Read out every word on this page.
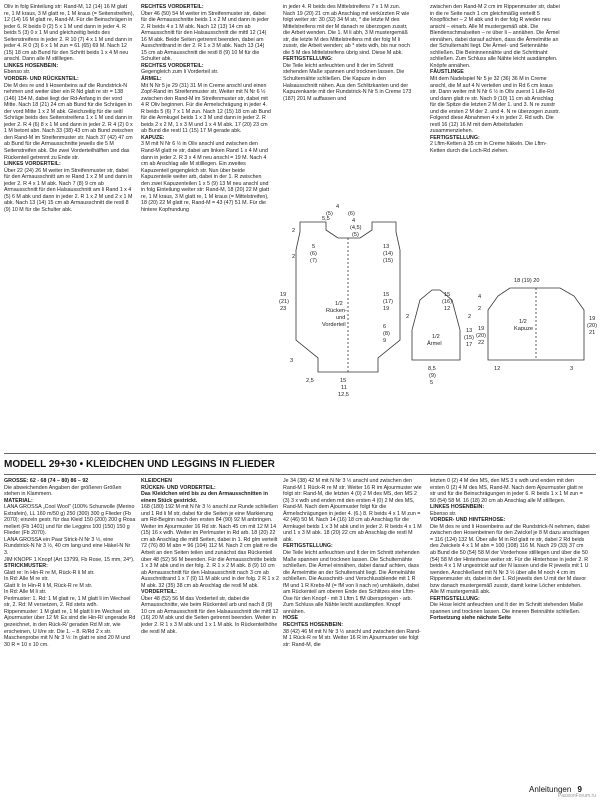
Oliv in folg Einteilung str: Rand-M, 12 (14) 16 M glatt re, 1 M kraus, 3 M glatt re, 1 M kraus (= Seitenstreifen), 12 (14) 16 M glatt re, Rand-M. Für die Beinschrägen in jeder 6. R beids 0 (2) 5 x 1 M und dann in jeder 4. R beids 5 (3) 0 x 1 M und gleichzeitig beids des Seitenstreifens in jeder 2. R 10 (7) 4 x 1 M und dann in jeder 4. R 0 (3) 6 x 1 M zun = 61 (65) 69 M. Nach 12 (15) 18 cm ab Bund für den Schritt beids 1 x 4 M neu anschl. Dann alle M stilllegen.

LINKES HOSENBEIN:

Ebenso str.

VORDER- UND RÜCKENTEIL:

Die M des re und li Hosenbeins auf die Rundstrick-N nehmen und weiter über ein R Nd glatt re str = 138 (146) 154 M, dabei liegt der Rd-Anfang in der vord Mitte. Nach 18 (21) 24 cm ab Bund für die Schrägen in der vord Mitte 1 x 2 M abk. Gleichzeitig für die seitl Schräge beids des Seitenstreifens 1 x 1 M und dann in jeder 2. R 4 (6) 8 x 1 M und dann in jeder 2. R 4 (2) 0 x 1 M betont abn. Nach 33 (38) 43 cm ab Bund zwischen den Rand-M im Streifenmuster str. Nach 37 (42) 47 cm ab Bund für die Armausschnitte jeweils die 5 M Seitenstreifen abk. Die zwei Vorderteilhälften und das Rückenteil getrennt zu Ende str.

LINKES VORDERTEIL:

Über 22 (24) 26 M weiter im Streifenmuster str, dabei für den Armausschnitt am re Rand 1 x 2 M und dann in jeder 2. R 4 x 1 M abk. Nach 7 (8) 9 cm ab Armausschnitt für den Halsausschnitt am li Rand 1 x 4 (5) 6 M abk und dann in jeder 2. R 1 x 2 M und 2 x 1 M abk. Nach 13 (14) 15 cm ab Armausschnitt die restl 8 (9) 10 M für die Schulter abk.

RECHTES VORDERTEIL:

Über 46 (50) 54 M weiter im Streifenmuster str, dabei für die Armausschnitte beids 1 x 2 M und dann in jeder 2. R beids 4 x 1 M abk. Nach 12 (13) 14 cm ab Armausschnitt für den Halsausschnitt die mittl 12 (14) 16 M abk. Beide Seiten getrennt beenden, dabei am Ausschnittrand in der 2. R 1 x 3 M abk. Nach 13 (14) 15 cm ab Armausschnitt die restl 8 (9) 10 M für die Schulter abk.

RECHTES VORDERTEIL:

Gegengleich zum li Vorderteil str.

ÄRMEL:

Mit N Nr 5 je 29 (31) 31 M in Creme anschl und einen Zopf-Rand im Streifenmuster str. Weiter mit N Nr 6 ½ zwischen den Rand-M im Streifenmuster str, dabei mit 4 R Oliv beginnen. Für die Armelschrägung in jeder 4. R beids 5 (6) 7 x 1 M zun. Nach 12 (15) 18 cm ab Bund für die Armkugel beids 1 x 3 M und dann in jeder 2. R beids 2 x 2 M, 1 x 3 M und 1 x 4 M abk. 17 (20) 23 cm ab Bund die restl 11 (15) 17 M gerade abk.

KAPUZE:

3 M mit N Nr 6 ½ in Oliv anschl und zwischen den Rand-M glatt re str, dabei am linken Rand 1 x 4 M und dann in jeder 2. R 3 x 4 M neu anschl = 19 M. Nach 4 cm ab Anschlag alle M stilllegen. Ein zweites Kapuzenteil gegengleich str. Nun über beide Kapuzenteile weiter arb, dabei in der 1. R zwischen den zwei Kapuzenteilen 1 x 5 (9) 13 M neu anschl und in folg Einteilung weiter str: Rand-M, 18 (20) 22 M glatt re, 1 M kraus, 3 M glatt re, 1 M kraus (= Mittelstreifen), 18 (20) 22 M glatt re, Rand-M = 43 (47) 51 M. Für die hintere Kopfrundung

in jeder 4. R beids des Mittelstreifens 7 x 1 M zun. Nach 19 (20) 21 cm ab Anschlag mit verkürzten R wie folgt weiter str: 30 (32) 34 M str, * die letzte M des Mittelstreifens mit der M danach re überzogen zusstr, die Arbeit wenden. Die 1. M li abh, 3 M mustergemäß str, die letzte M des Mittelstreifens mit der folg M li zusstr, die Arbeit wenden; ab * stets wdh, bis nur noch die 5 M des Mittelstreifens übrig sind. Diese M abk.

FERTIGSTELLUNG:

Die Teile leicht anfeuchten und It der im Schnitt stehenden Maße spannen und trocknen lassen. Die Schulternähte schließen. Die Kapuze in den Halsausschnitt nähen. Aus den Schlitzkanten und der Kapuzenkante mit der Rundstrick-N Nr 5 in Creme 173 (187) 201 M auffassen und

zwischen den Rand-M 2 cm im Rippenmuster str, dabei in die re Seite nach 1 cm gleichmäßig verteilt 5 Knopflöcher – 2 M abk und in der folg R wieder neu anschl – einarb. Alle M mustergemäß abk. Die Blendenschmalseiten – re über li – annähen. Die Ärmel einnähen, dabei darauf achten, dass die Ärmelmitte an der Schulternaht liegt. Die Ärmel- und Seitennähte schließen. Die Beininnennähte und die Schrittnaht schließen. Zum Schluss alle Nähte leicht ausdämpfen. Knöpfe annähen.

FÄUSTLINGE

Mit dem Nadelspiel Nr 5 je 32 (36) 36 M in Creme anschl, die M auf 4 N verteilen und in Rd 6 cm kraus str. Dann weiter mit N Nr 6 ½ in Oliv zuerst 1 Lille-Rd und dann glatt re str. Nach 9 (10) 11 cm ab Anschlag für die Spitze die letzten 2 M der 1. und 3. N re zusstr und die ersten 2 M der 2. und 4. N re überzogen zusstr. Folgend diese Abnahmen 4 x in jeder 2. Rd wdh. Die restl 16 (12) 16 M mit dem Arbeitsfaden zusammenziehen.

FERTIGSTELLUNG:

2 Lftm-Ketten à 35 cm in Creme häkeln. Die Lftm-Ketten durch die Loch-Rd ziehen.

1/2
Rücken-
und
Vorderteil
1/2
Ärmel
1/2
Kapuze
5,5
2
2
5
(6)
(7)
4
(4,5)
(5)
13
(14)
(15)
4
(5)	(6)
19
(21)
23
15
(17)
19
6
(8)
9
3
2,5	15
11
12,5
2	2
13
(15)
17
8,5
(9)
5
15
(16)
12
18 (19) 20
19
(20)
21
4
19
(20)
22
2
12	3
MODELL 29+30 • KLEIDCHEN UND LEGGINS IN FLIEDER

GRÖSSE: 62 - 68 (74 – 80) 86 – 92

Die abweichenden Angaben der größeren Größen stehen in Klammern.

MATERIAL:

LANA GROSSA „Cool Wool" (100% Schurwolle (Merino Extrafein), LL 160 m/50 g) 250 (300) 300 g Flieder (Fb 2070); einzeln gestr. für das Kleid 150 (200) 200 g Rosa meliert (Fb 1401) und für die Leggins 100 (150) 150 g Flieder (Fb 2070).

LANA GROSSA ein Paar Strick-N Nr 3 ½, eine Rundstrick-N Nr 3 ½, 40 cm lang und eine Häkel-N Nr 3.

JIM KNOPF 1 Knopf (Art 13799, Fb Rose, 15 mm, 24°).

STRICKMUSTER:

Glatt re: In Hin-R re M, Rück-R li M str.

In Rd: Alle M re str.

Glatt li: In Hin-R li M, Rück-R re M str.

In Rd: Alle M li str.

Perlmuster: 1. Rd: 1 M glatt re, 1 M glatt li im Wechsel str, 2. Rd: M versetzen, 2. Rd stets wdh.

Rippenmuster: 1 M glatt re, 1 M glatt li im Wechsel str.

Ajourmuster über 12 M: Es sind die Hin-R/ ungerade Rd gezeichnet, in den Rück-R/ geraden Rd M str, wie erscheinen, U li/re str. Die 1. – 8. R/Rd 2 x str.

Maschenprobe mit N Nr 3 ½: In glatt re sind 20 M und 30 R = 10 x 10 cm.

KLEIDCHEN

RÜCKEN- UND VORDERTEIL:

Das Kleidchen wird bis zu den Armausschnitten in einem Stück gestrickt.

168 (180) 192 M mit N Nr 3 ½ anschl zur Runde schließen und 1 Rd li M str, dabei für die Seiten je eine Markierung am Rd-Beginn nach den ersten 84 (90) 92 M anbringen. Weiter im Ajourmuster 16 Rd str. Nach 45 cm mit 12 M 14 (15) 16 x wdh. Weiter im Perlmuster in Rd arb. 18 (20) 22 cm ab Anschlag die mittl Seiten, dabei in 1. Rd glm verteilt 72 (76) 80 M abn = 96 (104) 112 M. Nach 2 cm glatt re die Arbeit an den Seiten teilen und zunächst das Rückenteil über 48 (52) 56 M beenden. Für die Armausschnitte beids 1 x 3 M abk und in der folg. 2. R 1 x 2 M abk. 8 (9) 10 cm ab Armausschnitt für den Halsausschnitt nach 3 cm ab Ausschnittrand 1 x 7 (9) 11 M abk und in der folg. 2 R 1 x 2 M abk. 32 (35) 38 cm ab Anschlag die restl M abk.

VORDERTEIL:

Über 48 (52) 56 M das Vorderteil str, dabei die Armausschnitte, wie beim Rückenteil arb und nach 8 (9) 10 cm ab Armausschnitt für den Halsausschnitt die mittl 12 (16) 20 M abk und die Seiten getrennt beenden. Weiter in jeder 2. R 1 x 3 M abk und 1 x 1 M abk. In Rückenteilhöhe die restl M abk.

Je 34 (38) 42 M mit N Nr 3 ½ anschl und zwischen den Rand-M 1 Rück-R re M str. Weiter 16 R im Ajourmuster wie folgt str: Rand-M, die letzten 4 (0) 2 M des MS, den MS 2 (3) 3 x wdh und enden mit den ersten 4 (0) 2 M des MS, Rand-M. Nach dem Ajourmuster folgt für die Ärmelschrägungen in jeder 4. (6.) 8. R beids 4 x 1 M zun = 42 (46) 50 M. Nach 14 (16) 18 cm ab Anschlag für die Armkugel beids 1 x 3 M abk und in jeder 2. R beids 4 x 1 M und 1 x 3 M abk. 18 (20) 22 cm ab Anschlag die restl M abk.

FERTIGSTELLUNG:

Die Teile leicht anfeuchten und It der im Schnitt stehenden Maße spannen und trocknen lassen. Die Schulternähte schließen. Die Ärmel einnähen, dabei darauf achten, dass die Ärmelmitte an der Schulternaht liegt. Die Ärmelnähte schließen. Die Ausschnitt- und Verschlussblende mit 1 R fM und 1 R Krebs-M (= fM von li nach re) umhäkeln, dabei am Rückenteil am oberen Ende des Schlitzes eine Lftm-Öse für den Knopf - mit 3 Lftm 1 fM überspringen - arb. Zum Schluss alle Nähte leicht ausdämpfen. Knopf annähen.

HOSE

RECHTES HOSENBEIN:

38 (42) 46 M mit N Nr 3 ½ anschl und zwischen den Rand-M 1 Rück-R re M str. Weiter 16 R im Ajourmuster wie folgt str: Rand-M, die

letzten 0 (2) 4 M des MS, den MS 3 x wdh und enden mit den ersten 0 (2) 4 M des MS, Rand-M. Nach dem Ajourmuster glatt re str und für die Beinschrägungen in jeder 6. R beids 1 x 1 M zun = 50 (54) 58 M. 16 (18) 20 cm ab Anschlag alle M stilllegen.

LINKES HOSENBEIN:

Ebenso str.

VORDER- UND HINTERHOSE:

Die M des re und li Hosenbeins auf die Rundstrick-N nehmen, dabei zwischen den Hosenbeinen für den Zwickel je 8 M dazu anschlagen = 116 (124) 132 M. Über alle M in Rd glatt re str, dabei 2 Rd beids des Zwickels 4 x 1 M abn = 100 (108) 116 M. Nach 29 (33) 37 cm ab Bund die 50 (54) 58 M der Vorderhose stilllegen und über die 50 (54) 58 M der Hinterhose weiter str. Für die Hinterhose in jeder 2. R beids 4 x 1 M ungestrickt auf der N lassen und die R jeweils mit 1 U wenden. Anschließend mit N Nr 3 ½ über alle M noch 4 cm im Rippenmuster str, dabei in der 1. Rd jeweils den U mit der M davor bzw danach mustergemäß zusstr, damit keine Löcher entstehen. Alle M mustergemäß abk.

FERTIGSTELLUNG:

Die Hose leicht anfeuchten und It der im Schnitt stehenden Maße spannen und trocknen lassen. Die inneren Beinnähte schließen.

Fortsetzung siehe nächste Seite

Anleitungen 9
PassionForum.ru
